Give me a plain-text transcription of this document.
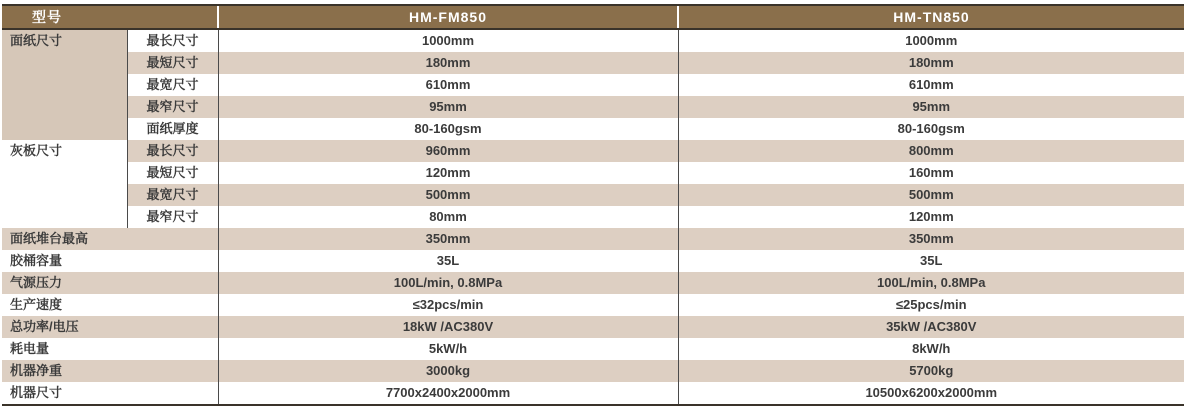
型号		HM-FM850	HM-TN850
面纸尺寸	最长尺寸	1000mm	1000mm
	最短尺寸	180mm	180mm
	最宽尺寸	610mm	610mm
	最窄尺寸	95mm	95mm
	面纸厚度	80-160gsm	80-160gsm
灰板尺寸	最长尺寸	960mm	800mm
	最短尺寸	120mm	160mm
	最宽尺寸	500mm	500mm
	最窄尺寸	80mm	120mm
面纸堆台最高		350mm	350mm
胶桶容量		35L	35L
气源压力		100L/min, 0.8MPa	100L/min, 0.8MPa
生产速度		≤32pcs/min	≤25pcs/min
总功率/电压		18kW /AC380V	35kW /AC380V
耗电量		5kW/h	8kW/h
机器净重		3000kg	5700kg
机器尺寸		7700x2400x2000mm	10500x6200x2000mm
